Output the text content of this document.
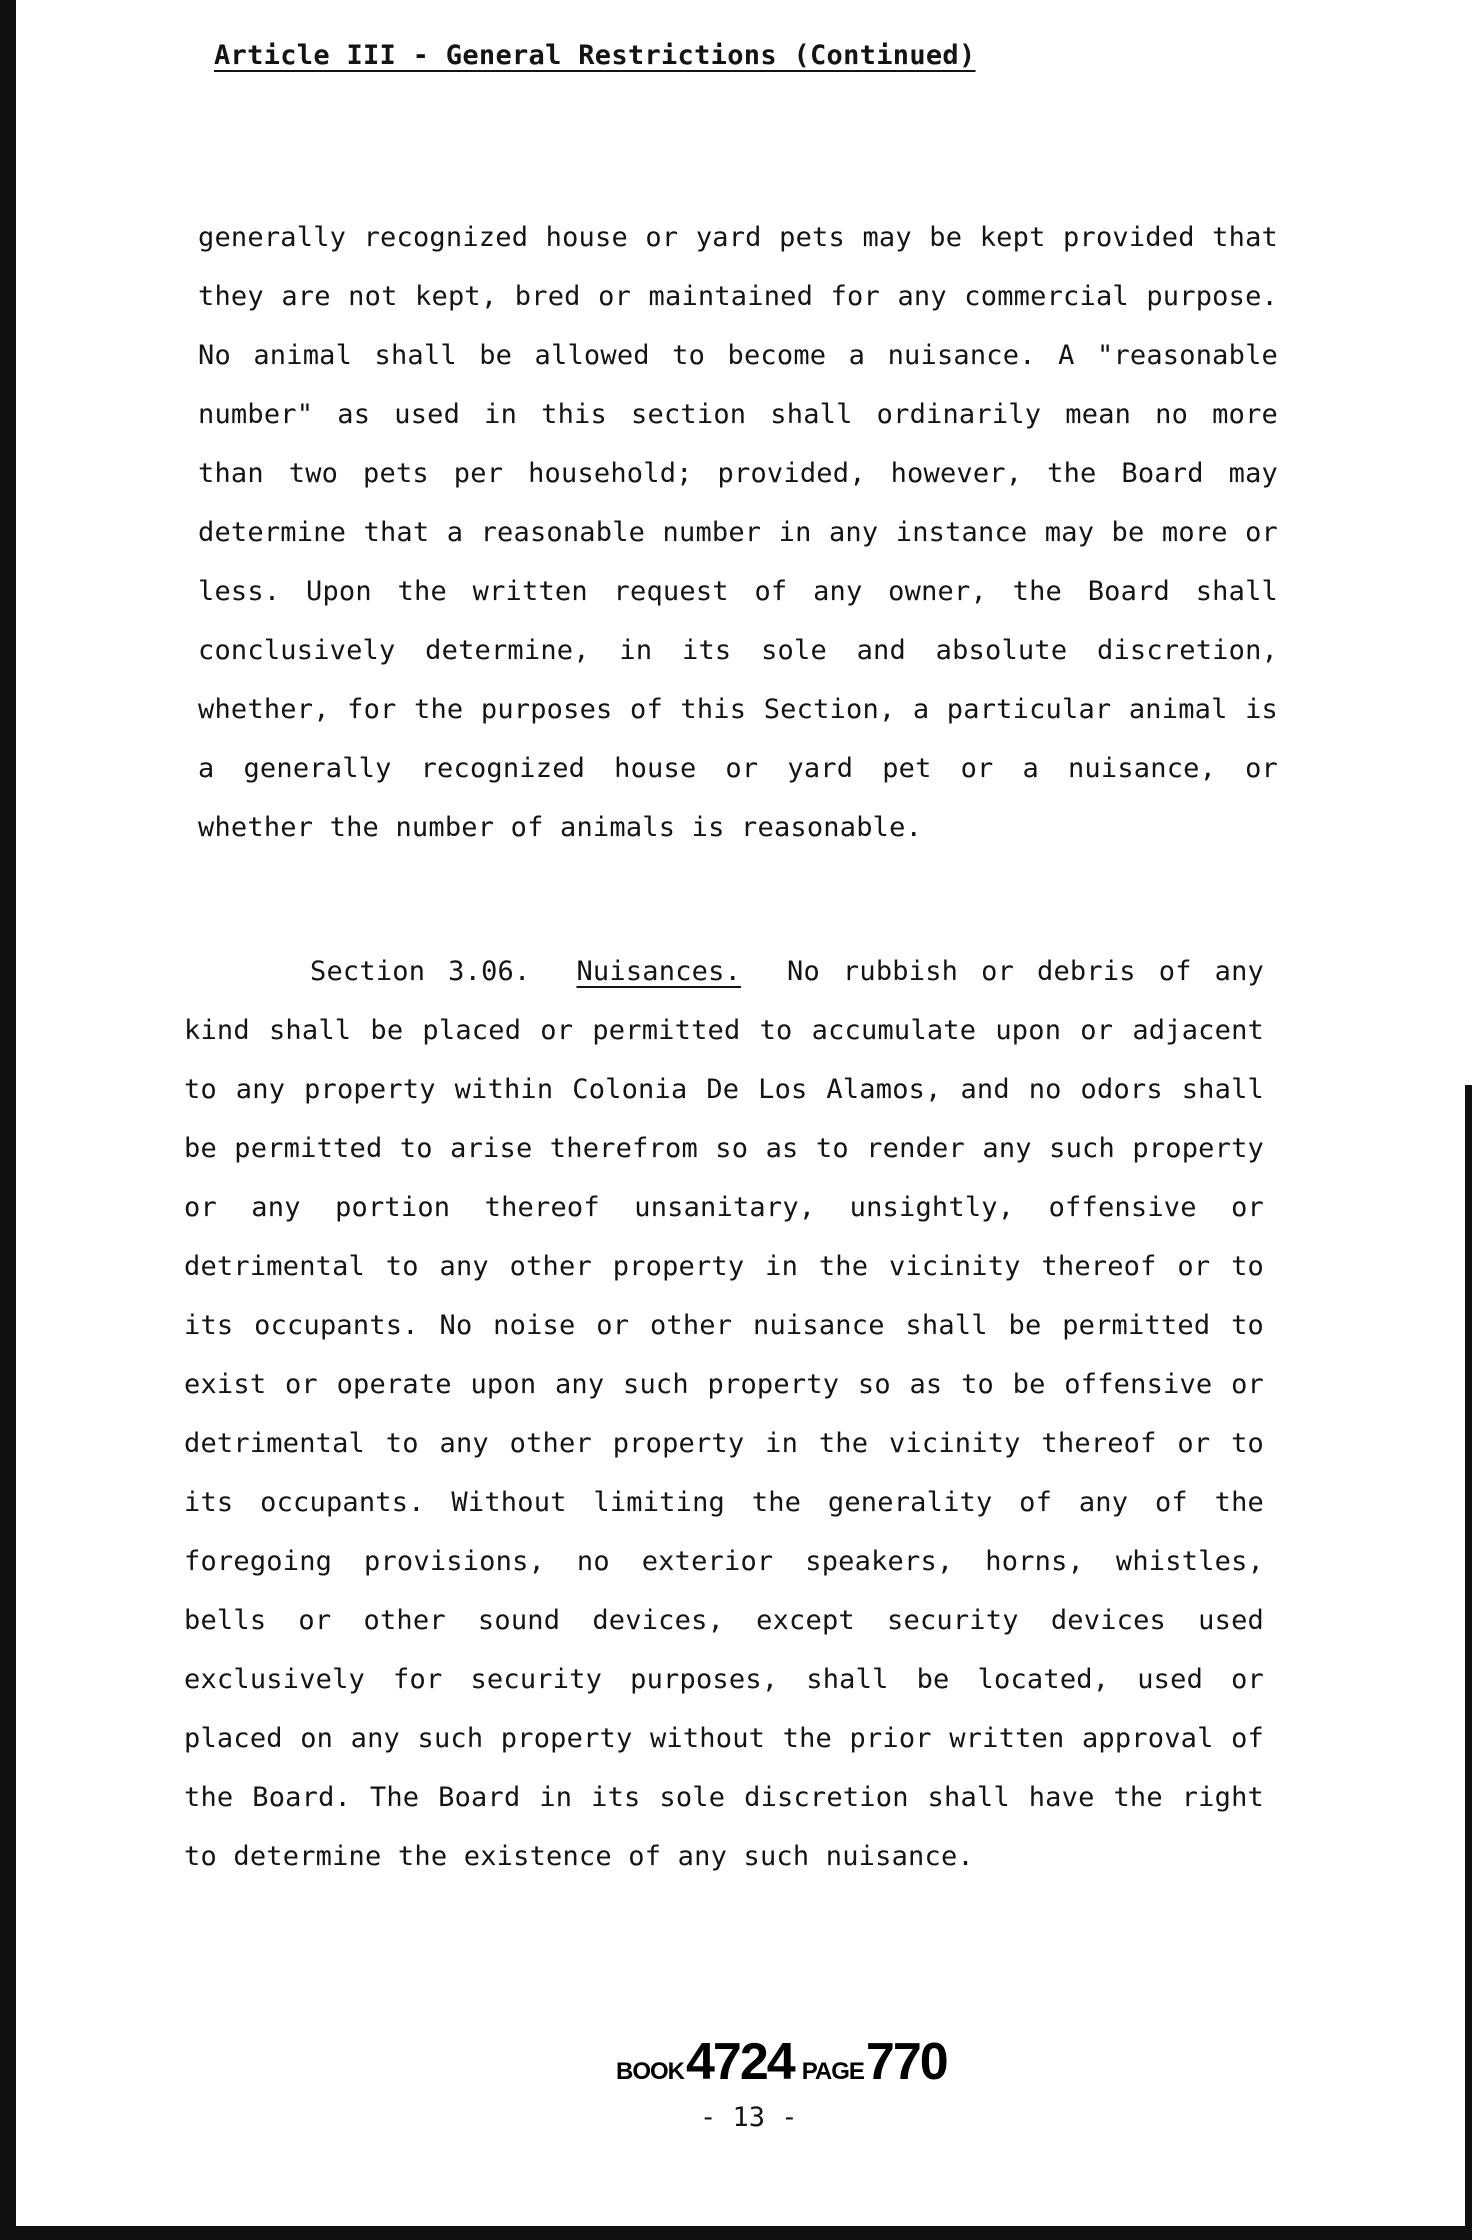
Article III - General Restrictions (Continued)

generally recognized house or yard pets may be kept provided that they are not kept, bred or maintained for any commercial purpose. No animal shall be allowed to become a nuisance. A "reasonable number" as used in this section shall ordinarily mean no more than two pets per household; provided, however, the Board may determine that a reasonable number in any instance may be more or less. Upon the written request of any owner, the Board shall conclusively determine, in its sole and absolute discretion, whether, for the purposes of this Section, a particular animal is a generally recognized house or yard pet or a nuisance, or whether the number of animals is reasonable.

Section 3.06. Nuisances. No rubbish or debris of any kind shall be placed or permitted to accumulate upon or adjacent to any property within Colonia De Los Alamos, and no odors shall be permitted to arise therefrom so as to render any such property or any portion thereof unsanitary, unsightly, offensive or detrimental to any other property in the vicinity thereof or to its occupants. No noise or other nuisance shall be permitted to exist or operate upon any such property so as to be offensive or detrimental to any other property in the vicinity thereof or to its occupants. Without limiting the generality of any of the foregoing provisions, no exterior speakers, horns, whistles, bells or other sound devices, except security devices used exclusively for security purposes, shall be located, used or placed on any such property without the prior written approval of the Board. The Board in its sole discretion shall have the right to determine the existence of any such nuisance.

BOOK4724 PAGE770
- 13 -
